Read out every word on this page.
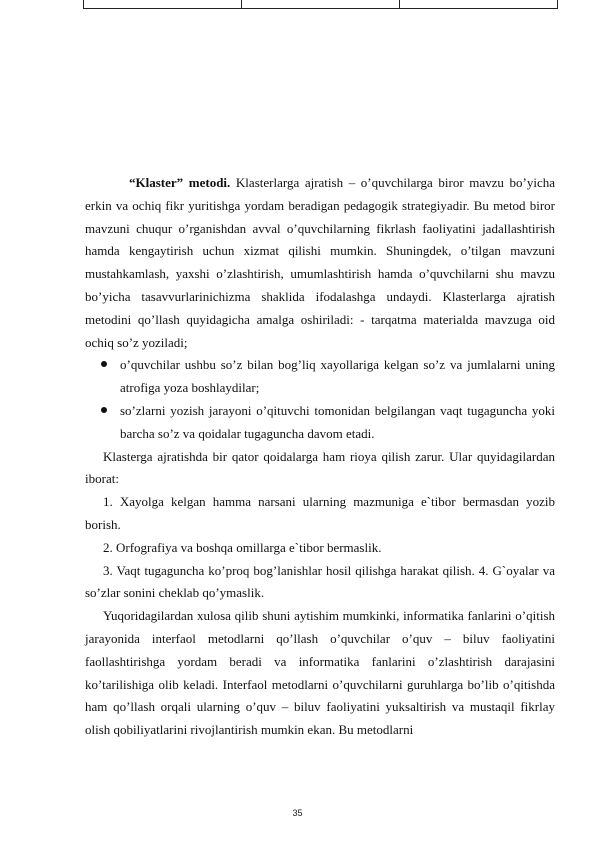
“Klaster” metodi. Klasterlarga ajratish – o’quvchilarga biror mavzu bo’yicha erkin va ochiq fikr yuritishga yordam beradigan pedagogik strategiyadir. Bu metod biror mavzuni chuqur o’rganishdan avval o’quvchilarning fikrlash faoliyatini jadallashtirish hamda kengaytirish uchun xizmat qilishi mumkin. Shuningdek, o’tilgan mavzuni mustahkamlash, yaxshi o’zlashtirish, umumlashtirish hamda o’quvchilarni shu mavzu bo’yicha tasavvurlarinichizma shaklida ifodalashga undaydi. Klasterlarga ajratish metodini qo’llash quyidagicha amalga oshiriladi: - tarqatma materialda mavzuga oid ochiq so’z yoziladi;

o’quvchilar ushbu so’z bilan bog’liq xayollariga kelgan so’z va jumlalarni uning atrofiga yoza boshlaydilar;
so’zlarni yozish jarayoni o’qituvchi tomonidan belgilangan vaqt tugaguncha yoki barcha so’z va qoidalar tugaguncha davom etadi.

Klasterga ajratishda bir qator qoidalarga ham rioya qilish zarur. Ular quyidagilardan iborat:

1. Xayolga kelgan hamma narsani ularning mazmuniga e`tibor bermasdan yozib borish.

2. Orfografiya va boshqa omillarga e`tibor bermaslik.

3. Vaqt tugaguncha ko’proq bog’lanishlar hosil qilishga harakat qilish. 4. G`oyalar va so’zlar sonini cheklab qo’ymaslik.

Yuqoridagilardan xulosa qilib shuni aytishim mumkinki, informatika fanlarini o’qitish jarayonida interfaol metodlarni qo’llash o’quvchilar o’quv – biluv faoliyatini faollashtirishga yordam beradi va informatika fanlarini o’zlashtirish darajasini ko’tarilishiga olib keladi. Interfaol metodlarni o’quvchilarni guruhlarga bo’lib o’qitishda ham qo’llash orqali ularning o’quv – biluv faoliyatini yuksaltirish va mustaqil fikrlay olish qobiliyatlarini rivojlantirish mumkin ekan. Bu metodlarni

35
